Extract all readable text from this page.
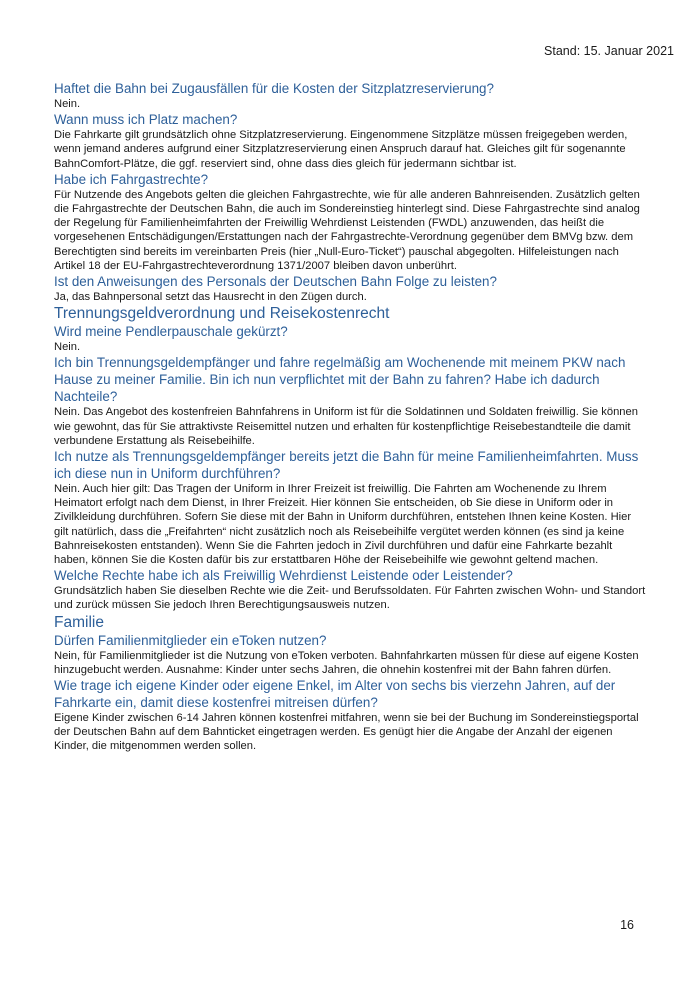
Stand: 15. Januar 2021
Haftet die Bahn bei Zugausfällen für die Kosten der Sitzplatzreservierung?

Nein.

Wann muss ich Platz machen?

Die Fahrkarte gilt grundsätzlich ohne Sitzplatzreservierung. Eingenommene Sitzplätze müssen freigegeben werden, wenn jemand anderes aufgrund einer Sitzplatzreservierung einen Anspruch darauf hat. Gleiches gilt für sogenannte BahnComfort-Plätze, die ggf. reserviert sind, ohne dass dies gleich für jedermann sichtbar ist.

Habe ich Fahrgastrechte?

Für Nutzende des Angebots gelten die gleichen Fahrgastrechte, wie für alle anderen Bahnreisenden. Zusätzlich gelten die Fahrgastrechte der Deutschen Bahn, die auch im Sondereinstieg hinterlegt sind. Diese Fahrgastrechte sind analog der Regelung für Familienheimfahrten der Freiwillig Wehrdienst Leistenden (FWDL) anzuwenden, das heißt die vorgesehenen Entschädigungen/Erstattungen nach der Fahrgastrechte-Verordnung gegenüber dem BMVg bzw. dem Berechtigten sind bereits im vereinbarten Preis (hier „Null-Euro-Ticket“) pauschal abgegolten. Hilfeleistungen nach Artikel 18 der EU-Fahrgastrechteverordnung 1371/2007 bleiben davon unberührt.

Ist den Anweisungen des Personals der Deutschen Bahn Folge zu leisten?

Ja, das Bahnpersonal setzt das Hausrecht in den Zügen durch.

Trennungsgeldverordnung und Reisekostenrecht
Wird meine Pendlerpauschale gekürzt?

Nein.

Ich bin Trennungsgeldempfänger und fahre regelmäßig am Wochenende mit meinem PKW nach Hause zu meiner Familie. Bin ich nun verpflichtet mit der Bahn zu fahren? Habe ich dadurch Nachteile?

Nein. Das Angebot des kostenfreien Bahnfahrens in Uniform ist für die Soldatinnen und Soldaten freiwillig. Sie können wie gewohnt, das für Sie attraktivste Reisemittel nutzen und erhalten für kostenpflichtige Reisebestandteile die damit verbundene Erstattung als Reisebeihilfe.

Ich nutze als Trennungsgeldempfänger bereits jetzt die Bahn für meine Familienheimfahrten. Muss ich diese nun in Uniform durchführen?

Nein. Auch hier gilt: Das Tragen der Uniform in Ihrer Freizeit ist freiwillig. Die Fahrten am Wochenende zu Ihrem Heimatort erfolgt nach dem Dienst, in Ihrer Freizeit. Hier können Sie entscheiden, ob Sie diese in Uniform oder in Zivilkleidung durchführen. Sofern Sie diese mit der Bahn in Uniform durchführen, entstehen Ihnen keine Kosten. Hier gilt natürlich, dass die „Freifahrten“ nicht zusätzlich noch als Reisebeihilfe vergütet werden können (es sind ja keine Bahnreisekosten entstanden). Wenn Sie die Fahrten jedoch in Zivil durchführen und dafür eine Fahrkarte bezahlt haben, können Sie die Kosten dafür bis zur erstattbaren Höhe der Reisebeihilfe wie gewohnt geltend machen.

Welche Rechte habe ich als Freiwillig Wehrdienst Leistende oder Leistender?

Grundsätzlich haben Sie dieselben Rechte wie die Zeit- und Berufssoldaten. Für Fahrten zwischen Wohn- und Standort und zurück müssen Sie jedoch Ihren Berechtigungsausweis nutzen.

Familie
Dürfen Familienmitglieder ein eToken nutzen?

Nein, für Familienmitglieder ist die Nutzung von eToken verboten. Bahnfahrkarten müssen für diese auf eigene Kosten hinzugebucht werden. Ausnahme: Kinder unter sechs Jahren, die ohnehin kostenfrei mit der Bahn fahren dürfen.

Wie trage ich eigene Kinder oder eigene Enkel, im Alter von sechs bis vierzehn Jahren, auf der Fahrkarte ein, damit diese kostenfrei mitreisen dürfen?

Eigene Kinder zwischen 6-14 Jahren können kostenfrei mitfahren, wenn sie bei der Buchung im Sondereinstiegsportal der Deutschen Bahn auf dem Bahnticket eingetragen werden. Es genügt hier die Angabe der Anzahl der eigenen Kinder, die mitgenommen werden sollen.

16
